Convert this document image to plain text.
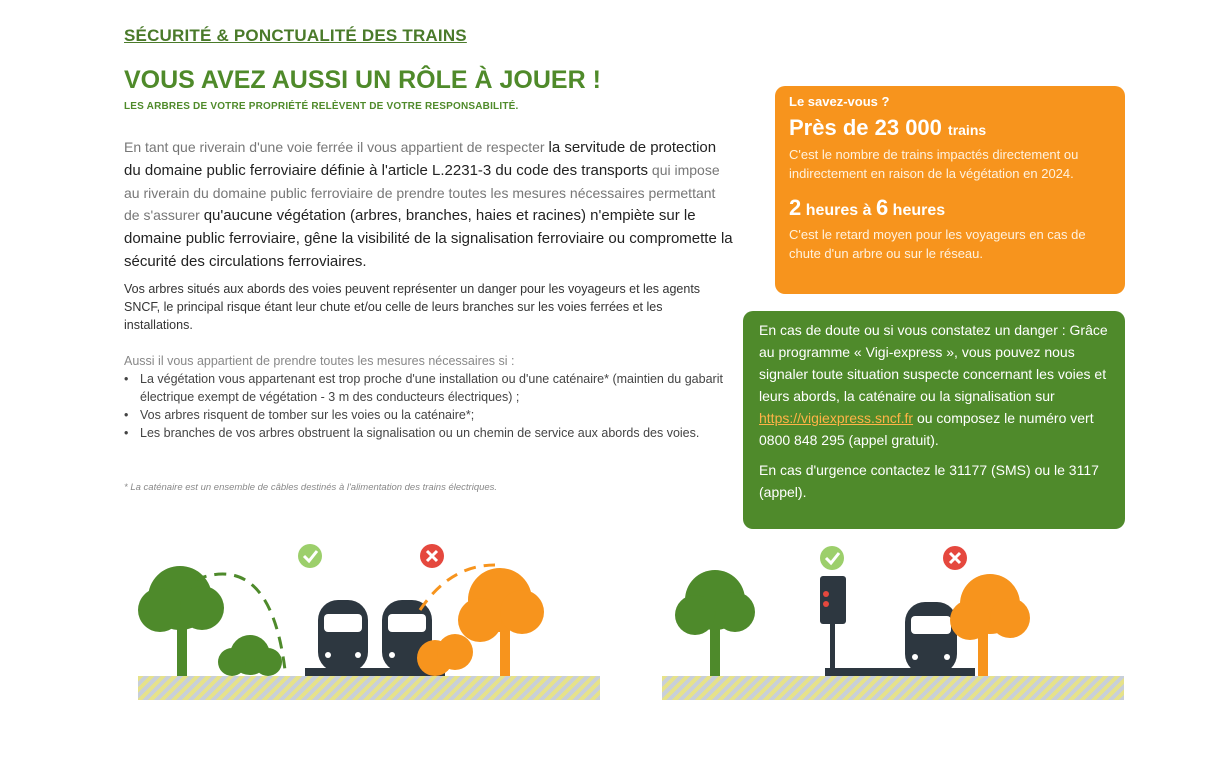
SÉCURITÉ & PONCTUALITÉ DES TRAINS
VOUS AVEZ AUSSI UN RÔLE À JOUER !
LES ARBRES DE VOTRE PROPRIÉTÉ RELÈVENT DE VOTRE RESPONSABILITÉ.
En tant que riverain d'une voie ferrée il vous appartient de respecter la servitude de protection du domaine public ferroviaire définie à l'article L.2231-3 du code des transports qui impose au riverain du domaine public ferroviaire de prendre toutes les mesures nécessaires permettant de s'assurer qu'aucune végétation (arbres, branches, haies et racines) n'empiète sur le domaine public ferroviaire, gêne la visibilité de la signalisation ferroviaire ou compromette la sécurité des circulations ferroviaires.
Vos arbres situés aux abords des voies peuvent représenter un danger pour les voyageurs et les agents SNCF, le principal risque étant leur chute et/ou celle de leurs branches sur les voies ferrées et les installations.
Aussi il vous appartient de prendre toutes les mesures nécessaires si :
• La végétation vous appartenant est trop proche d'une installation ou d'une caténaire* (maintien du gabarit électrique exempt de végétation - 3 m des conducteurs électriques) ;
• Vos arbres risquent de tomber sur les voies ou la caténaire*;
• Les branches de vos arbres obstruent la signalisation ou un chemin de service aux abords des voies.
* La caténaire est un ensemble de câbles destinés à l'alimentation des trains électriques.
Le savez-vous ?
Près de 23 000 trains
C'est le nombre de trains impactés directement ou indirectement en raison de la végétation en 2024.
2 heures à 6 heures
C'est le retard moyen pour les voyageurs en cas de chute d'un arbre ou sur le réseau.
En cas de doute ou si vous constatez un danger : Grâce au programme « Vigi-express », vous pouvez nous signaler toute situation suspecte concernant les voies et leurs abords, la caténaire ou la signalisation sur https://vigiexpress.sncf.fr ou composez le numéro vert 0800 848 295 (appel gratuit).
En cas d'urgence contactez le 31177 (SMS) ou le 3117 (appel).
